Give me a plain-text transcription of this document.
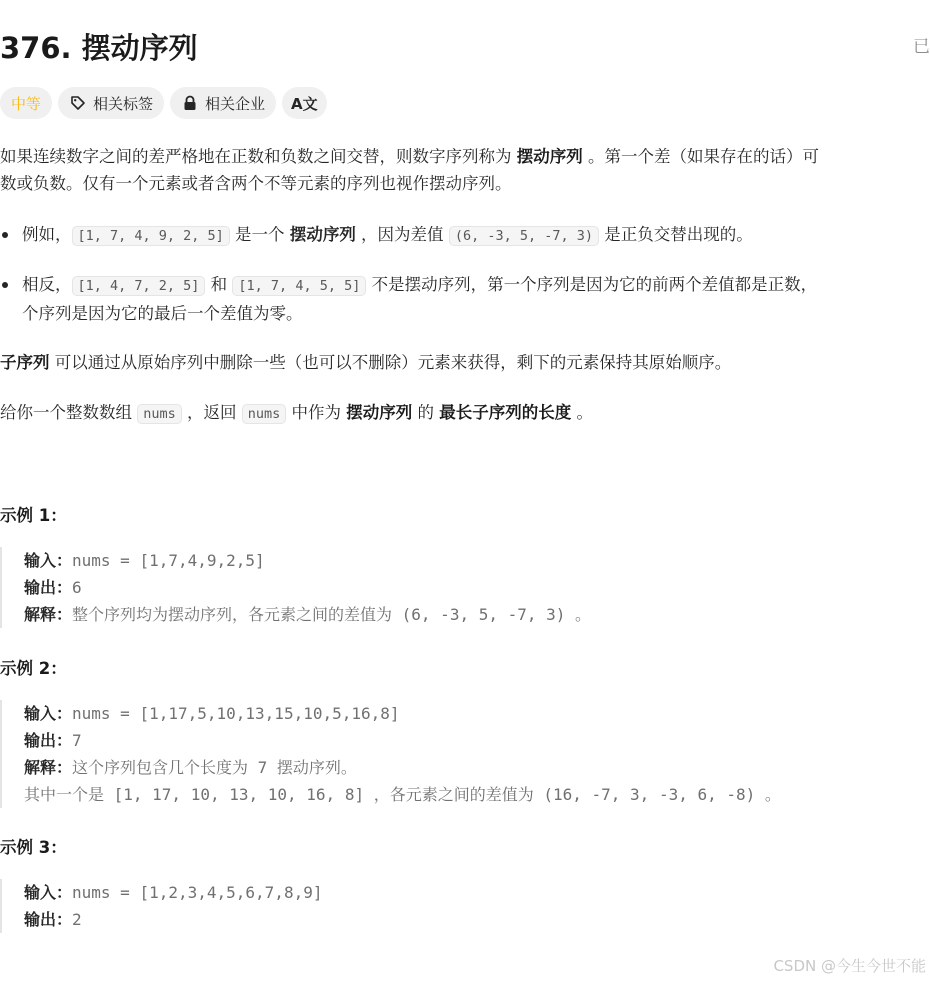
376. 摆动序列	已
中等	相关标签	相关企业 A文
如果连续数字之间的差严格地在正数和负数之间交替，则数字序列称为 摆动序列 。第一个差（如果存在的话）可
数或负数。仅有一个元素或者含两个不等元素的序列也视作摆动序列。
例如， [1, 7, 4, 9, 2, 5] 是一个 摆动序列 ，因为差值 (6, -3, 5, -7, 3) 是正负交替出现的。
相反， [1, 4, 7, 2, 5] 和 [1, 7, 4, 5, 5] 不是摆动序列，第一个序列是因为它的前两个差值都是正数，
个序列是因为它的最后一个差值为零。
子序列 可以通过从原始序列中删除一些（也可以不删除）元素来获得，剩下的元素保持其原始顺序。
给你一个整数数组 nums ，返回 nums 中作为 摆动序列 的 最长子序列的长度 。
示例 1：
输入：nums = [1,7,4,9,2,5]
输出：6
解释：整个序列均为摆动序列，各元素之间的差值为 (6, -3, 5, -7, 3) 。
示例 2：
输入：nums = [1,17,5,10,13,15,10,5,16,8]
输出：7
解释：这个序列包含几个长度为 7 摆动序列。
其中一个是 [1, 17, 10, 13, 10, 16, 8] ，各元素之间的差值为 (16, -7, 3, -3, 6, -8) 。
示例 3：
输入：nums = [1,2,3,4,5,6,7,8,9]
输出：2
CSDN @今生今世不能
